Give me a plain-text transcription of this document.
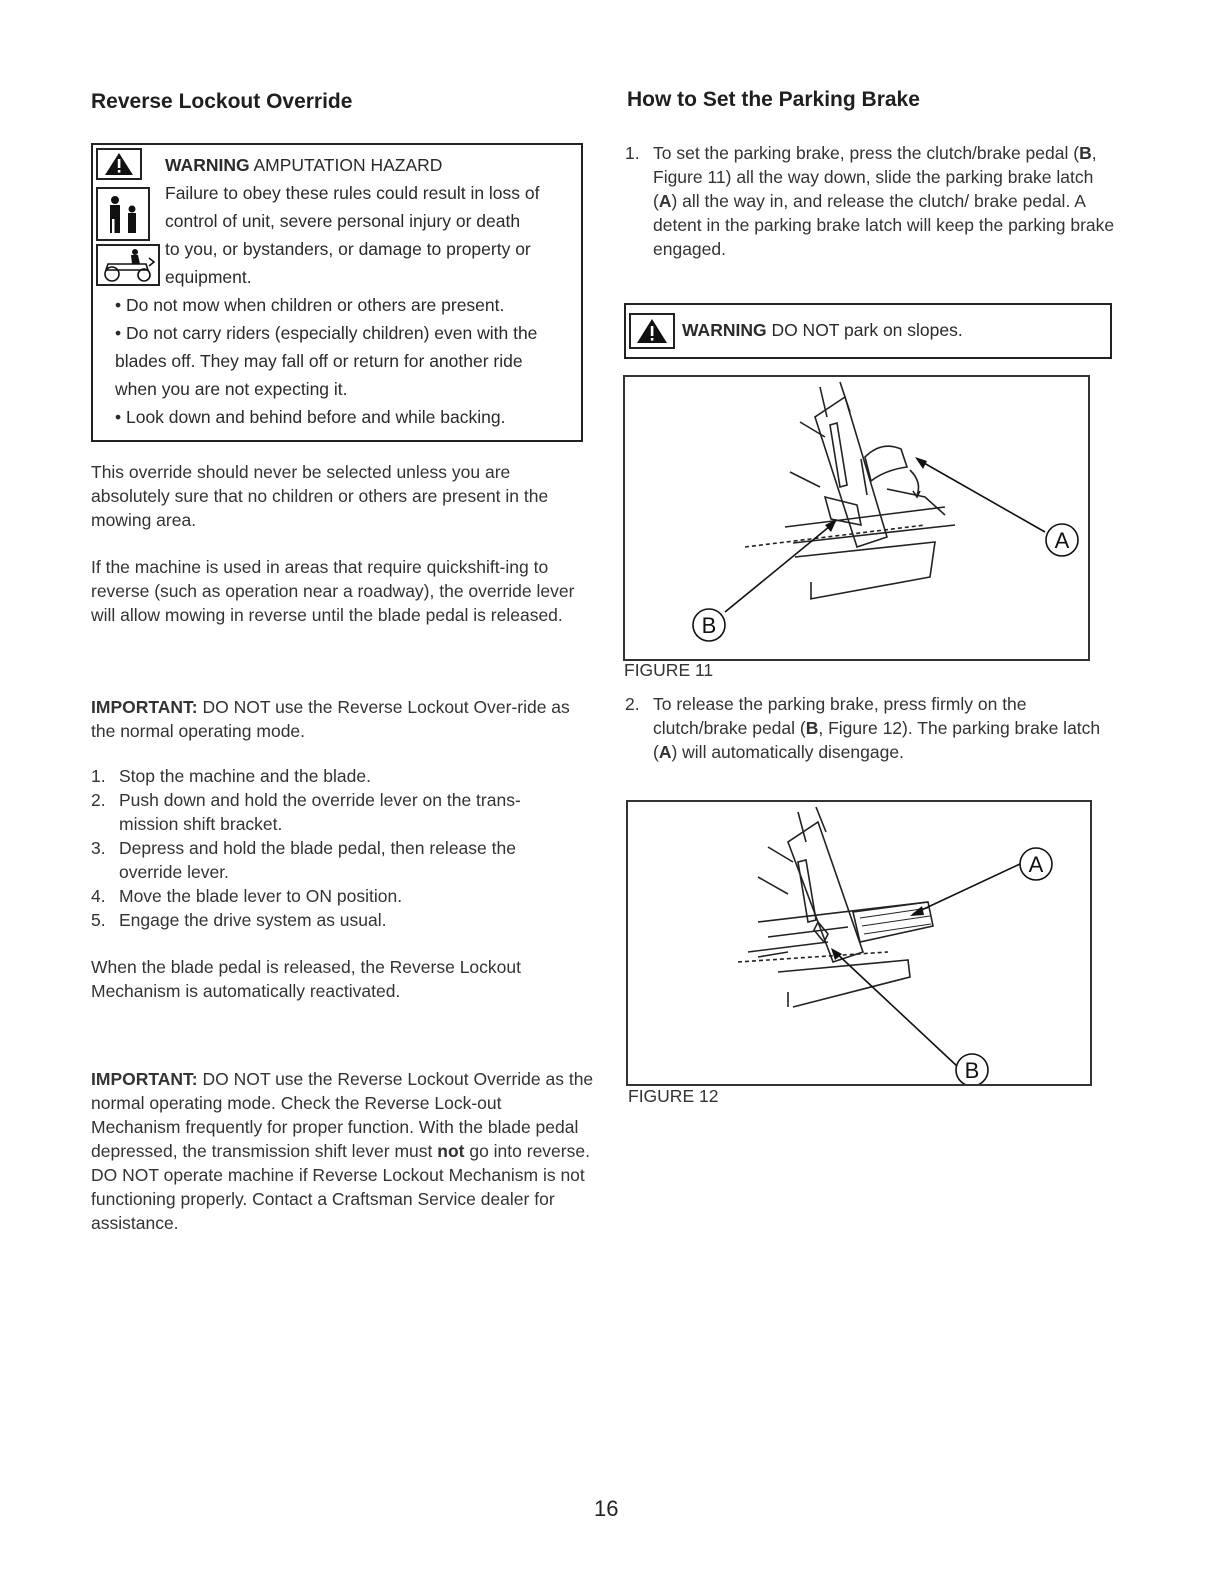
Reverse Lockout Override
WARNING AMPUTATION HAZARD
Failure to obey these rules could result in loss of
control of unit, severe personal injury or death
to you, or bystanders, or damage to property or
equipment.
• Do not mow when children or others are present.
• Do not carry riders (especially children) even with the
blades off. They may fall off or return for another ride
when you are not expecting it.
• Look down and behind before and while backing.

This override should never be selected unless you are absolutely sure that no children or others are present in the mowing area.

If the machine is used in areas that require quickshift-ing to reverse (such as operation near a roadway), the override lever will allow mowing in reverse until the blade pedal is released.

IMPORTANT: DO NOT use the Reverse Lockout Over-ride as the normal operating mode.

1. Stop the machine and the blade.
2. Push down and hold the override lever on the trans-mission shift bracket.
3. Depress and hold the blade pedal, then release the override lever.
4. Move the blade lever to ON position.
5. Engage the drive system as usual.

When the blade pedal is released, the Reverse Lockout Mechanism is automatically reactivated.

IMPORTANT: DO NOT use the Reverse Lockout Override as the normal operating mode. Check the Reverse Lock-out Mechanism frequently for proper function. With the blade pedal depressed, the transmission shift lever must not go into reverse. DO NOT operate machine if Reverse Lockout Mechanism is not functioning properly. Contact a Craftsman Service dealer for assistance.

How to Set the Parking Brake
1. To set the parking brake, press the clutch/brake pedal (B, Figure 11) all the way down, slide the parking brake latch (A) all the way in, and release the clutch/ brake pedal. A detent in the parking brake latch will keep the parking brake engaged.
WARNING DO NOT park on slopes.
A
B
FIGURE 11
2. To release the parking brake, press firmly on the clutch/brake pedal (B, Figure 12). The parking brake latch (A) will automatically disengage.
A
B
FIGURE 12
16
